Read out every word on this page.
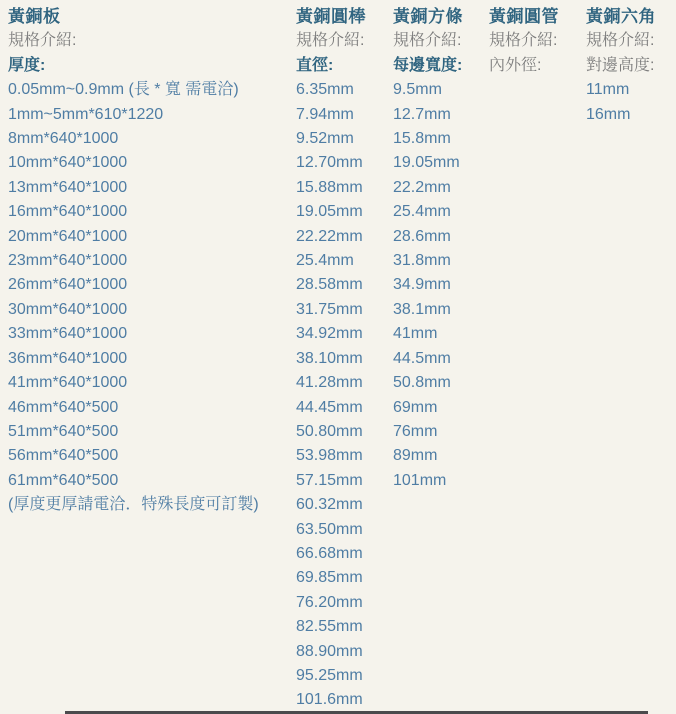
黃銅板
規格介紹:
厚度:
0.05mm~0.9mm (長 * 寬 需電洽)
1mm~5mm*610*1220
8mm*640*1000
10mm*640*1000
13mm*640*1000
16mm*640*1000
20mm*640*1000
23mm*640*1000
26mm*640*1000
30mm*640*1000
33mm*640*1000
36mm*640*1000
41mm*640*1000
46mm*640*500
51mm*640*500
56mm*640*500
61mm*640*500
(厚度更厚請電洽．特殊長度可訂製)
黃銅圓棒
規格介紹:
直徑:
6.35mm
7.94mm
9.52mm
12.70mm
15.88mm
19.05mm
22.22mm
25.4mm
28.58mm
31.75mm
34.92mm
38.10mm
41.28mm
44.45mm
50.80mm
53.98mm
57.15mm
60.32mm
63.50mm
66.68mm
69.85mm
76.20mm
82.55mm
88.90mm
95.25mm
101.6mm
黃銅方條
規格介紹:
每邊寬度:
9.5mm
12.7mm
15.8mm
19.05mm
22.2mm
25.4mm
28.6mm
31.8mm
34.9mm
38.1mm
41mm
44.5mm
50.8mm
69mm
76mm
89mm
101mm
黃銅圓管
規格介紹:
內外徑:
黃銅六角
規格介紹:
對邊高度:
11mm
16mm
